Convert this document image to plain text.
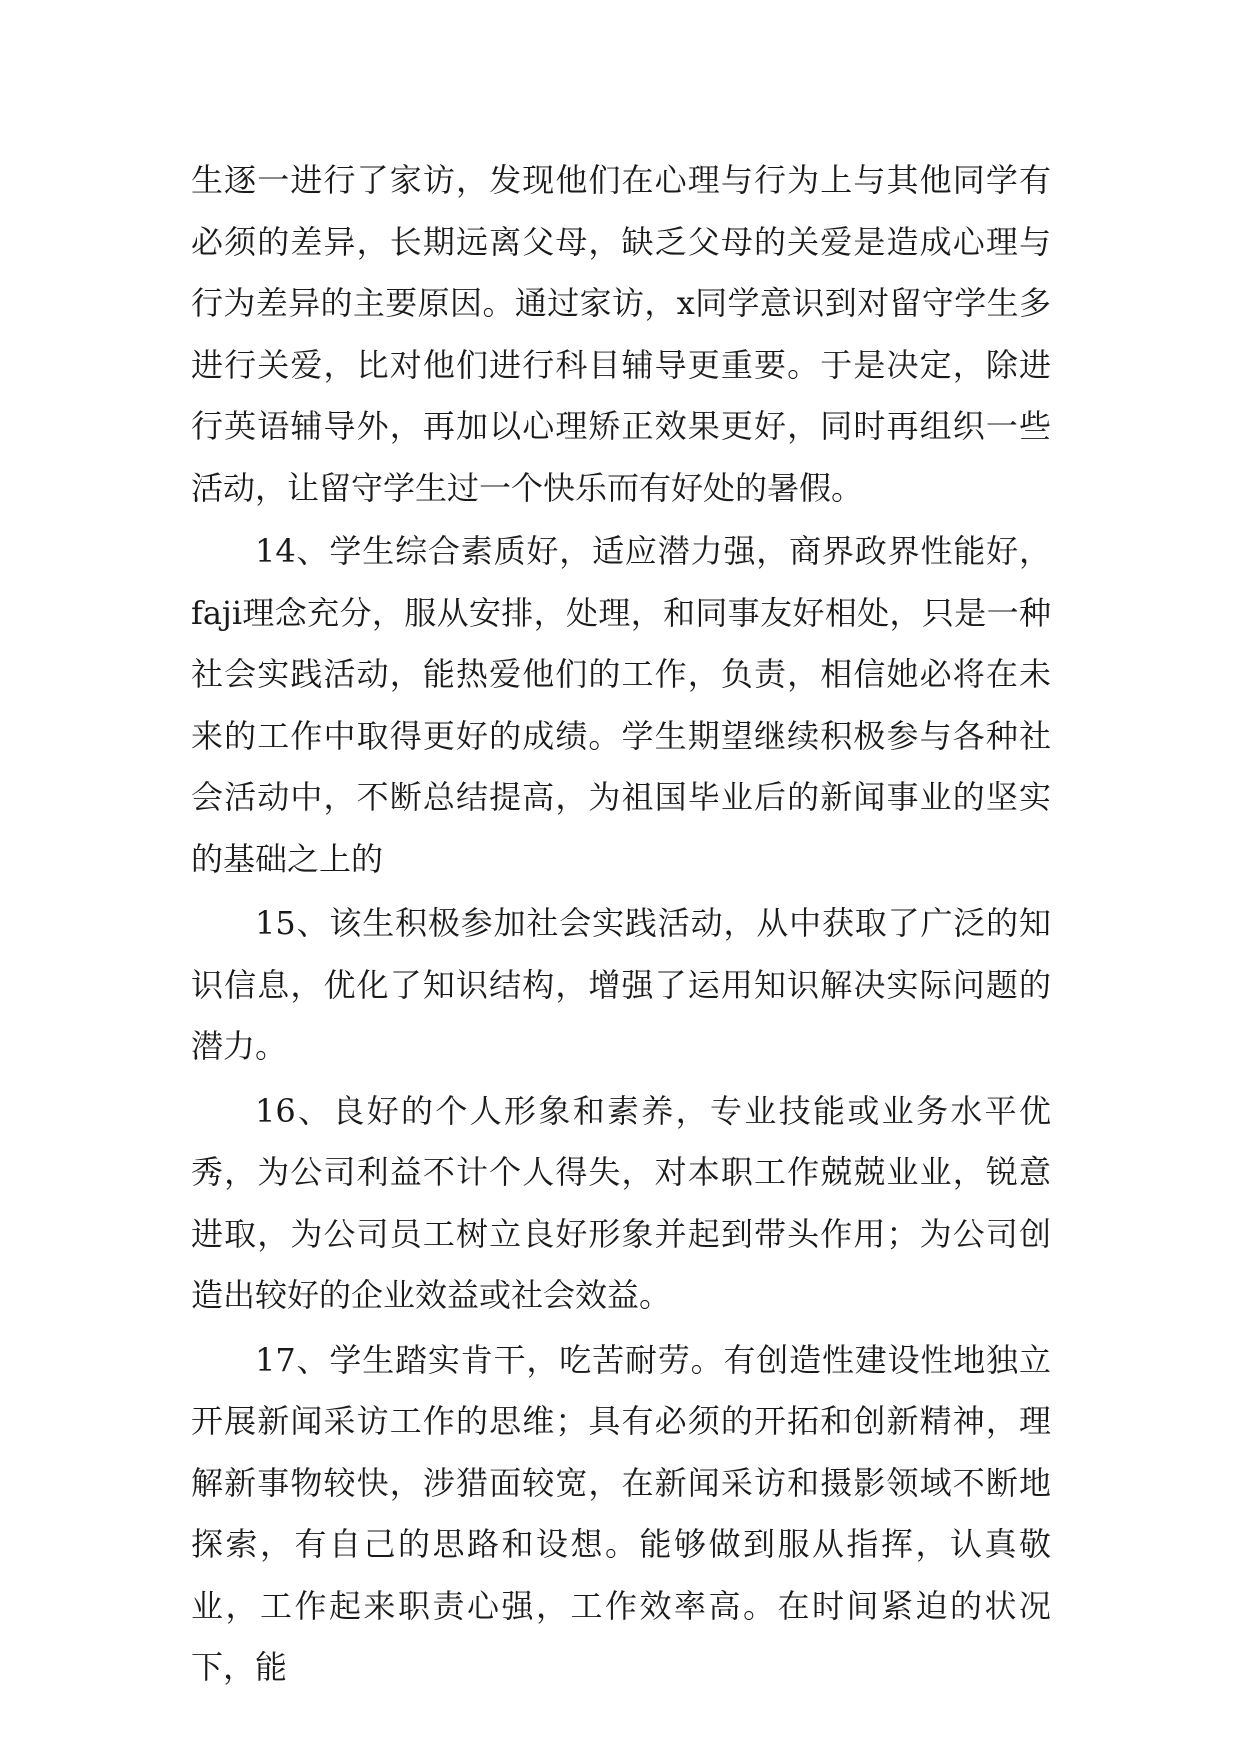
生逐一进行了家访，发现他们在心理与行为上与其他同学有必须的差异，长期远离父母，缺乏父母的关爱是造成心理与行为差异的主要原因。通过家访，x同学意识到对留守学生多进行关爱，比对他们进行科目辅导更重要。于是决定，除进行英语辅导外，再加以心理矫正效果更好，同时再组织一些活动，让留守学生过一个快乐而有好处的暑假。

14、学生综合素质好，适应潜力强，商界政界性能好，faji理念充分，服从安排，处理，和同事友好相处，只是一种社会实践活动，能热爱他们的工作，负责，相信她必将在未来的工作中取得更好的成绩。学生期望继续积极参与各种社会活动中，不断总结提高，为祖国毕业后的新闻事业的坚实的基础之上的

15、该生积极参加社会实践活动，从中获取了广泛的知识信息，优化了知识结构，增强了运用知识解决实际问题的潜力。

16、良好的个人形象和素养，专业技能或业务水平优秀，为公司利益不计个人得失，对本职工作兢兢业业，锐意进取，为公司员工树立良好形象并起到带头作用；为公司创造出较好的企业效益或社会效益。

17、学生踏实肯干，吃苦耐劳。有创造性建设性地独立开展新闻采访工作的思维；具有必须的开拓和创新精神，理解新事物较快，涉猎面较宽，在新闻采访和摄影领域不断地探索，有自己的思路和设想。能够做到服从指挥，认真敬业，工作起来职责心强，工作效率高。在时间紧迫的状况下，能
